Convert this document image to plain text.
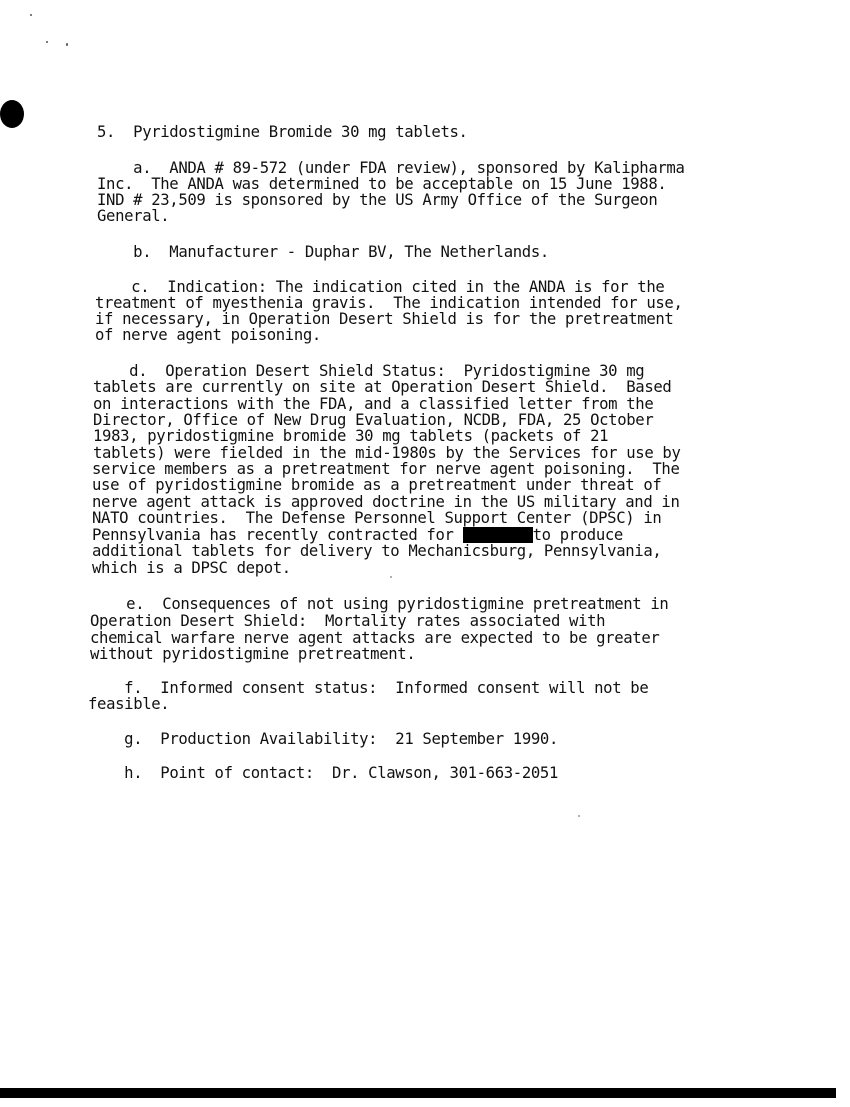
5.  Pyridostigmine Bromide 30 mg tablets.
a.  ANDA # 89-572 (under FDA review), sponsored by Kalipharma
Inc.  The ANDA was determined to be acceptable on 15 June 1988.
IND # 23,509 is sponsored by the US Army Office of the Surgeon
General.
b.  Manufacturer - Duphar BV, The Netherlands.
c.  Indication: The indication cited in the ANDA is for the
treatment of myesthenia gravis.  The indication intended for use,
if necessary, in Operation Desert Shield is for the pretreatment
of nerve agent poisoning.
d.  Operation Desert Shield Status:  Pyridostigmine 30 mg
tablets are currently on site at Operation Desert Shield.  Based
on interactions with the FDA, and a classified letter from the
Director, Office of New Drug Evaluation, NCDB, FDA, 25 October
1983, pyridostigmine bromide 30 mg tablets (packets of 21
tablets) were fielded in the mid-1980s by the Services for use by
service members as a pretreatment for nerve agent poisoning.  The
use of pyridostigmine bromide as a pretreatment under threat of
nerve agent attack is approved doctrine in the US military and in
NATO countries.  The Defense Personnel Support Center (DPSC) in
Pennsylvania has recently contracted for	to produce
additional tablets for delivery to Mechanicsburg, Pennsylvania,
which is a DPSC depot.
e.  Consequences of not using pyridostigmine pretreatment in
Operation Desert Shield:  Mortality rates associated with
chemical warfare nerve agent attacks are expected to be greater
without pyridostigmine pretreatment.
f.  Informed consent status:  Informed consent will not be
feasible.
g.  Production Availability:  21 September 1990.
h.  Point of contact:  Dr. Clawson, 301-663-2051
